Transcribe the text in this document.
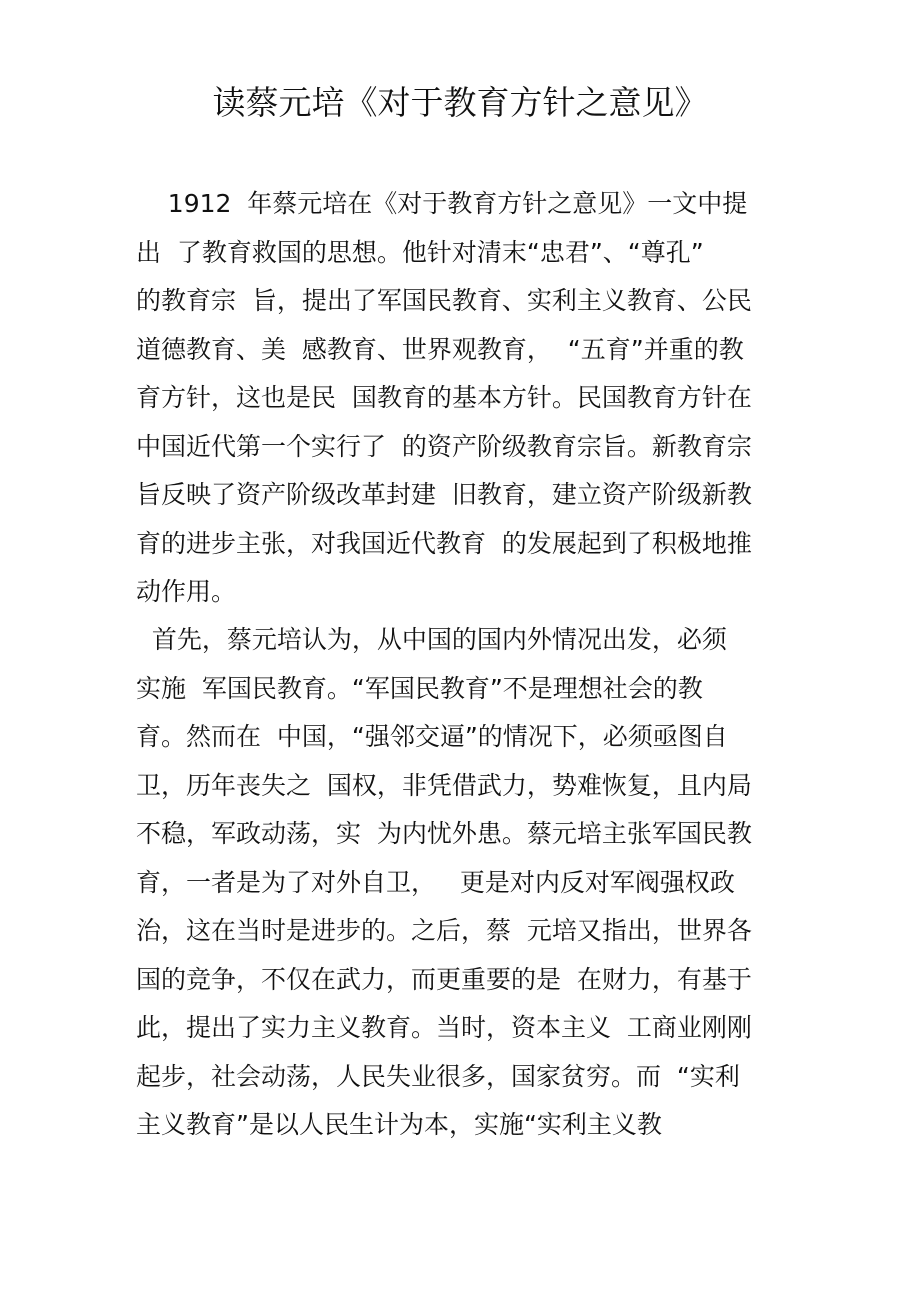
读蔡元培《对于教育方针之意见》
1912  年蔡元培在《对于教育方针之意见》一文中提
出  了教育救国的思想。他针对清末“忠君”、“尊孔”
的教育宗  旨，提出了军国民教育、实利主义教育、公民
道德教育、美  感教育、世界观教育，  “五育”并重的教
育方针，这也是民  国教育的基本方针。民国教育方针在
中国近代第一个实行了  的资产阶级教育宗旨。新教育宗
旨反映了资产阶级改革封建  旧教育，建立资产阶级新教
育的进步主张，对我国近代教育  的发展起到了积极地推
动作用。
首先，蔡元培认为，从中国的国内外情况出发，必须
实施  军国民教育。“军国民教育”不是理想社会的教
育。然而在  中国，“强邻交逼”的情况下，必须亟图自
卫，历年丧失之  国权，非凭借武力，势难恢复，且内局
不稳，军政动荡，实  为内忧外患。蔡元培主张军国民教
育，一者是为了对外自卫，   更是对内反对军阀强权政
治，这在当时是进步的。之后，蔡  元培又指出，世界各
国的竞争，不仅在武力，而更重要的是  在财力，有基于
此，提出了实力主义教育。当时，资本主义  工商业刚刚
起步，社会动荡，人民失业很多，国家贫穷。而  “实利
主义教育”是以人民生计为本，实施“实利主义教
